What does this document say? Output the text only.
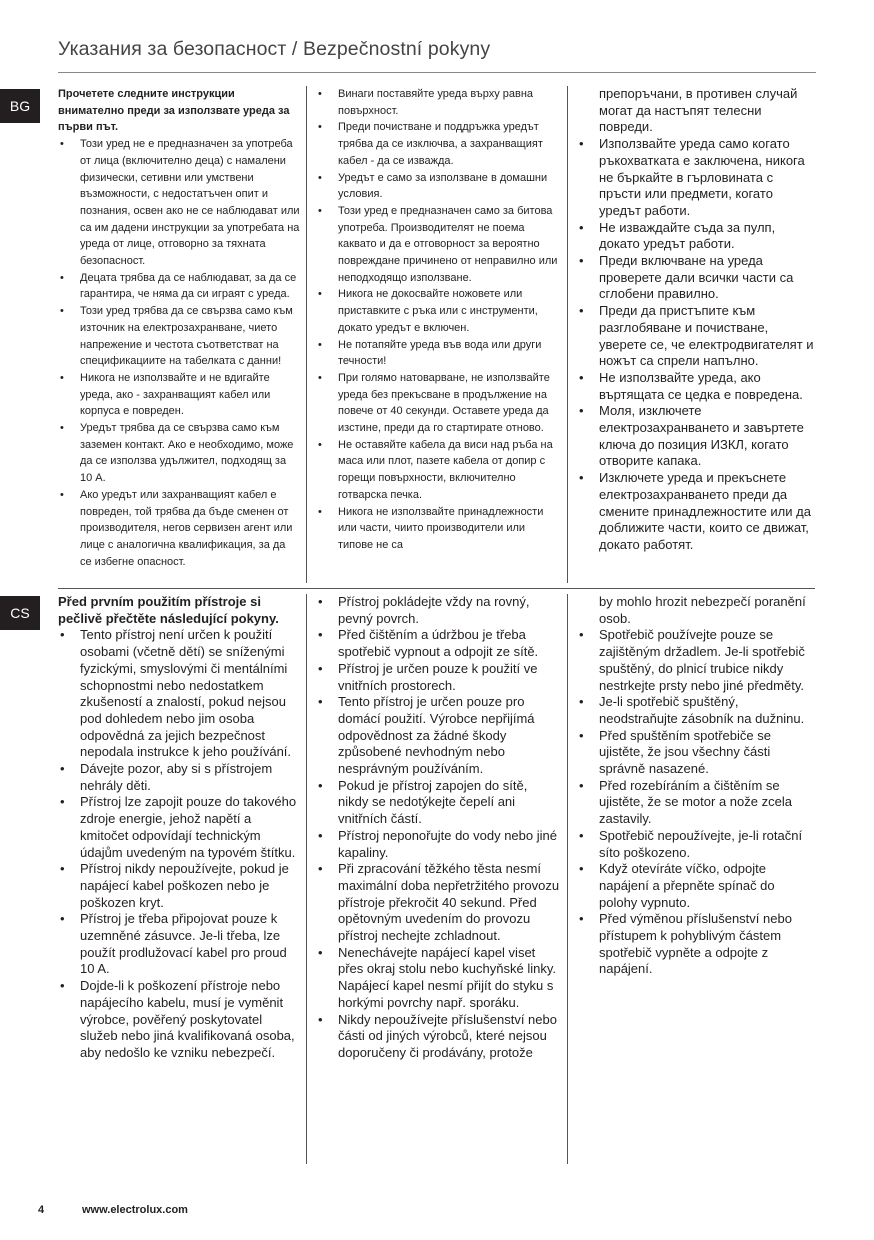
Указания за безопасност / Bezpečnostní pokyny
BG

Прочетете следните инструкции внимателно преди за използвате уреда за първи път.

• Този уред не е предназначен за употреба от лица (включително деца) с намалени физически, сетивни или умствени възможности, с недостатъчен опит и познания, освен ако не се наблюдават или са им дадени инструкции за употребата на уреда от лице, отговорно за тяхната безопасност.
• Децата трябва да се наблюдават, за да се гарантира, че няма да си играят с уреда.
• Този уред трябва да се свързва само към източник на електрозахранване, чието напрежение и честота съответстват на спецификациите на табелката с данни!
• Никога не използвайте и не вдигайте уреда, ако - захранващият кабел или корпуса е повреден.
• Уредът трябва да се свързва само към заземен контакт. Ако е необходимо, може да се използва удължител, подходящ за 10 A.
• Ако уредът или захранващият кабел е повреден, той трябва да бъде сменен от производителя, негов сервизен агент или лице с аналогична квалификация, за да се избегне опасност.
• Винаги поставяйте уреда върху равна повърхност.
• Преди почистване и поддръжка уредът трябва да се изключва, а захранващият кабел - да се изважда.
• Уредът е само за използване в домашни условия.
• Този уред е предназначен само за битова употреба. Производителят не поема каквато и да е отговорност за вероятно повреждане причинено от неправилно или неподходящо използване.
• Никога не докосвайте ножовете или приставките с ръка или с инструменти, докато уредът е включен.
• Не потапяйте уреда във вода или други течности!
• При голямо натоварване, не използвайте уреда без прекъсване в продължение на повече от 40 секунди. Оставете уреда да изстине, преди да го стартирате отново.
• Не оставяйте кабела да виси над ръба на маса или плот, пазете кабела от допир с горещи повърхности, включително готварска печка.
• Никога не използвайте принадлежности или части, чиито производители или типове не са
препоръчани, в противен случай могат да настъпят телесни повреди.
• Използвайте уреда само когато ръкохватката е заключена, никога не бъркайте в гърловината с пръсти или предмети, когато уредът работи.
• Не изваждайте съда за пулп, докато уредът работи.
• Преди включване на уреда проверете дали всички части са сглобени правилно.
• Преди да пристъпите към разглобяване и почистване, уверете се, че електродвигателят и ножът са спрели напълно.
• Не използвайте уреда, ако въртящата се цедка е повредена.
• Моля, изключете електрозахранването и завъртете ключа до позиция ИЗКЛ, когато отворите капака.
• Изключете уреда и прекъснете електрозахранването преди да смените принадлежностите или да доближите части, които се движат, докато работят.
CS

Před prvním použitím přístroje si pečlivě přečtěte následující pokyny.

• Tento přístroj není určen k použití osobami (včetně dětí) se sníženými fyzickými, smyslovými či mentálními schopnostmi nebo nedostatkem zkušeností a znalostí, pokud nejsou pod dohledem nebo jim osoba odpovědná za jejich bezpečnost nepodala instrukce k jeho používání.
• Dávejte pozor, aby si s přístrojem nehrály děti.
• Přístroj lze zapojit pouze do takového zdroje energie, jehož napětí a kmitočet odpovídají technickým údajům uvedeným na typovém štítku.
• Přístroj nikdy nepoužívejte, pokud je napájecí kabel poškozen nebo je poškozen kryt.
• Přístroj je třeba připojovat pouze k uzemněné zásuvce. Je-li třeba, lze použít prodlužovací kabel pro proud 10 A.
• Dojde-li k poškození přístroje nebo napájecího kabelu, musí je vyměnit výrobce, pověřený poskytovatel služeb nebo jiná kvalifikovaná osoba, aby nedošlo ke vzniku nebezpečí.
• Přístroj pokládejte vždy na rovný, pevný povrch.
• Před čištěním a údržbou je třeba spotřebič vypnout a odpojit ze sítě.
• Přístroj je určen pouze k použití ve vnitřních prostorech.
• Tento přístroj je určen pouze pro domácí použití. Výrobce nepřijímá odpovědnost za žádné škody způsobené nevhodným nebo nesprávným používáním.
• Pokud je přístroj zapojen do sítě, nikdy se nedotýkejte čepelí ani vnitřních částí.
• Přístroj neponořujte do vody nebo jiné kapaliny.
• Při zpracování těžkého těsta nesmí maximální doba nepřetržitého provozu přístroje překročit 40 sekund. Před opětovným uvedením do provozu přístroj nechejte zchladnout.
• Nenechávejte napájecí kapel viset přes okraj stolu nebo kuchyňské linky. Napájecí kapel nesmí přijít do styku s horkými povrchy např. sporáku.
• Nikdy nepoužívejte příslušenství nebo části od jiných výrobců, které nejsou doporučeny či prodávány, protože
by mohlo hrozit nebezpečí poranění osob.
• Spotřebič používejte pouze se zajištěným držadlem. Je-li spotřebič spuštěný, do plnicí trubice nikdy nestrkejte prsty nebo jiné předměty.
• Je-li spotřebič spuštěný, neodstraňujte zásobník na dužninu.
• Před spuštěním spotřebiče se ujistěte, že jsou všechny části správně nasazené.
• Před rozebíráním a čištěním se ujistěte, že se motor a nože zcela zastavily.
• Spotřebič nepoužívejte, je-li rotační síto poškozeno.
• Když otevíráte víčko, odpojte napájení a přepněte spínač do polohy vypnuto.
• Před výměnou příslušenství nebo přístupem k pohyblivým částem spotřebič vypněte a odpojte z napájení.
4	www.electrolux.com
